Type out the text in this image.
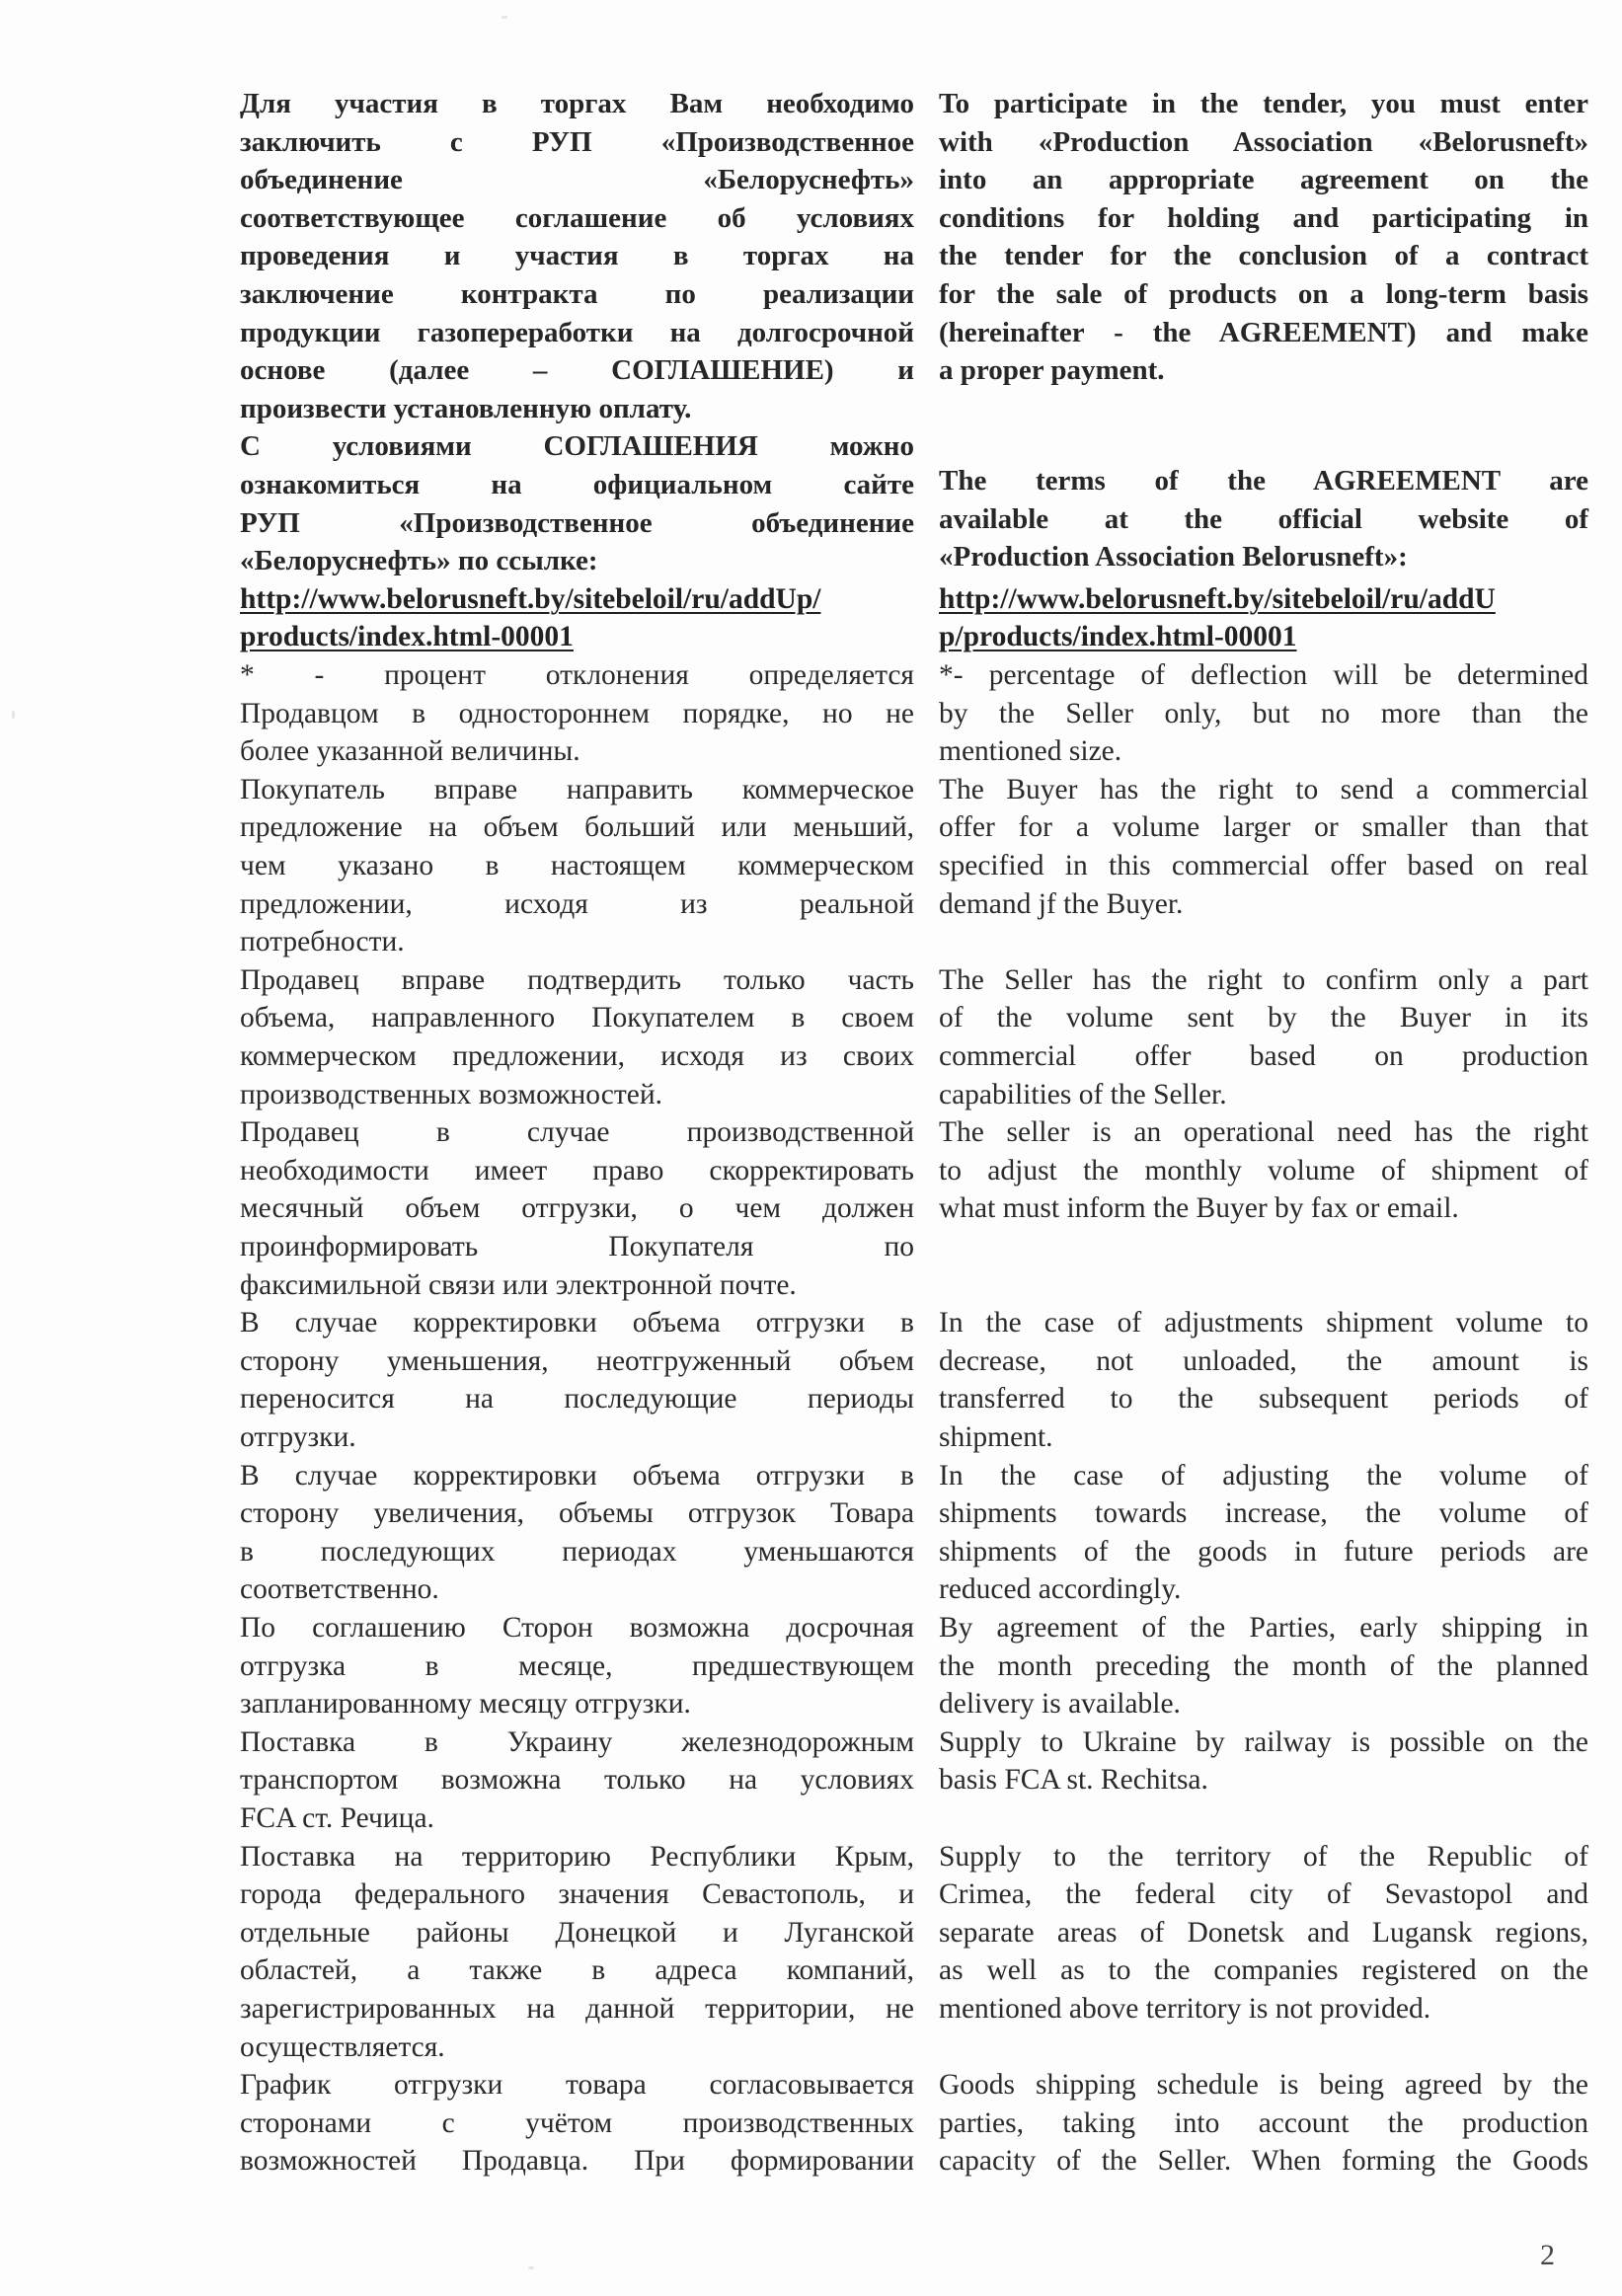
Для участия в торгах Вам необходимо
заключить с РУП «Производственное
объединение «Белоруснефть»
соответствующее соглашение об условиях
проведения и участия в торгах на
заключение контракта по реализации
продукции газопереработки на долгосрочной
основе (далее – СОГЛАШЕНИЕ) и
произвести установленную оплату.
С условиями СОГЛАШЕНИЯ можно
ознакомиться на официальном сайте
РУП «Производственное объединение
«Белоруснефть» по ссылке:
http://www.belorusneft.by/sitebeloil/ru/addUp/
products/index.html-00001
* - процент отклонения определяется
Продавцом в одностороннем порядке, но не
более указанной величины.
Покупатель вправе направить коммерческое
предложение на объем больший или меньший,
чем указано в настоящем коммерческом
предложении, исходя из реальной
потребности.
Продавец вправе подтвердить только часть
объема, направленного Покупателем в своем
коммерческом предложении, исходя из своих
производственных возможностей.
Продавец в случае производственной
необходимости имеет право скорректировать
месячный объем отгрузки, о чем должен
проинформировать Покупателя по
факсимильной связи или электронной почте.
В случае корректировки объема отгрузки в
сторону уменьшения, неотгруженный объем
переносится на последующие периоды
отгрузки.
В случае корректировки объема отгрузки в
сторону увеличения, объемы отгрузок Товара
в последующих периодах уменьшаются
соответственно.
По соглашению Сторон возможна досрочная
отгрузка в месяце, предшествующем
запланированному месяцу отгрузки.
Поставка в Украину железнодорожным
транспортом возможна только на условиях
FCA ст. Речица.
Поставка на территорию Республики Крым,
города федерального значения Севастополь, и
отдельные районы Донецкой и Луганской
областей, а также в адреса компаний,
зарегистрированных на данной территории, не
осуществляется.
График отгрузки товара согласовывается
сторонами с учётом производственных
возможностей Продавца. При формировании
To participate in the tender, you must enter
with «Production Association «Belorusneft»
into an appropriate agreement on the
conditions for holding and participating in
the tender for the conclusion of a contract
for the sale of products on a long-term basis
(hereinafter - the AGREEMENT) and make
a proper payment.
The terms of the AGREEMENT are
available at the official website of
«Production Association Belorusneft»:
http://www.belorusneft.by/sitebeloil/ru/addU
p/products/index.html-00001
*- percentage of deflection will be determined
by the Seller only, but no more than the
mentioned size.
The Buyer has the right to send a commercial
offer for a volume larger or smaller than that
specified in this commercial offer based on real
demand jf the Buyer.
The Seller has the right to confirm only a part
of the volume sent by the Buyer in its
commercial offer based on production
capabilities of the Seller.
The seller is an operational need has the right
to adjust the monthly volume of shipment of
what must inform the Buyer by fax or email.
In the case of adjustments shipment volume to
decrease, not unloaded, the amount is
transferred to the subsequent periods of
shipment.
In the case of adjusting the volume of
shipments towards increase, the volume of
shipments of the goods in future periods are
reduced accordingly.
By agreement of the Parties, early shipping in
the month preceding the month of the planned
delivery is available.
Supply to Ukraine by railway is possible on the
basis FCA st. Rechitsa.
Supply to the territory of the Republic of
Crimea, the federal city of Sevastopol and
separate areas of Donetsk and Lugansk regions,
as well as to the companies registered on the
mentioned above territory is not provided.
Goods shipping schedule is being agreed by the
parties, taking into account the production
capacity of the Seller. When forming the Goods
2
